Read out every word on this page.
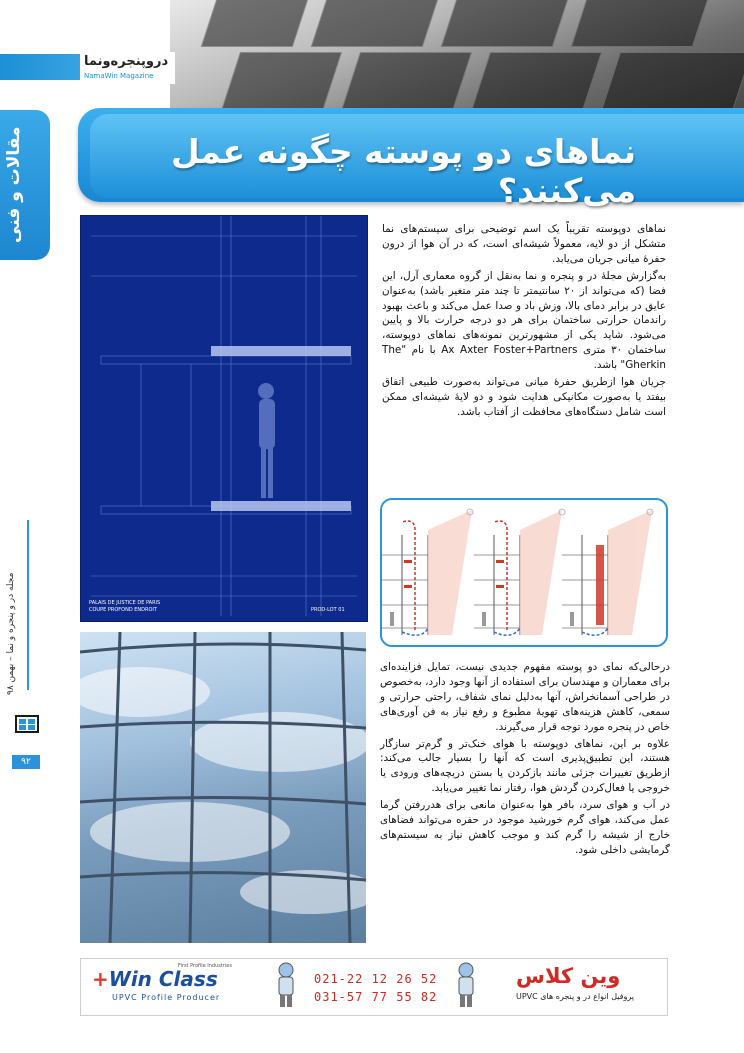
دروپنجره‌ونما
NamaWin Magazine
مقالات و فنی
مجله در و پنجره و نما – بهمن ۹۸
۹۲
نماهای دو پوسته چگونه عمل می‌کنند؟
PALAIS DE JUSTICE DE PARIS
COUPE PROFOND ENDROIT	PROD-LOT 01

نماهای دوپوسته تقریباً یک اسم توضیحی برای سیستم‌های نما متشکل از دو لایه، معمولاً شیشه‌ای است، که در آن هوا از درون حفرهٔ میانی جریان می‌یابد.

به‌گزارش مجلهٔ در و پنجره و نما به‌نقل از گروه معماری آرل، این فضا (که می‌تواند از ۲۰ سانتیمتر تا چند متر متغیر باشد) به‌عنوان عایق در برابر دمای بالا، وزش باد و صدا عمل می‌کند و باعث بهبود راندمان حرارتی ساختمان برای هر دو درجه حرارت بالا و پایین می‌شود. شاید یکی از مشهورترین نمونه‌های نماهای دوپوسته، ساختمان ۳۰ متری Ax Axter Foster+Partners با نام "The Gherkin" باشد.

جریان هوا ازطریق حفرهٔ میانی می‌تواند به‌صورت طبیعی اتفاق بیفتد یا به‌صورت مکانیکی هدایت شود و دو لایهٔ شیشه‌ای ممکن است شامل دستگاه‌های محافظت از آفتاب باشد.

درحالی‌که نمای دو پوسته مفهوم جدیدی نیست، تمایل فزاینده‌ای برای معماران و مهندسان برای استفاده از آنها وجود دارد، به‌خصوص در طراحی آسمانخراش، آنها به‌دلیل نمای شفاف، راحتی حرارتی و سمعی، کاهش هزینه‌های تهویهٔ مطبوع و رفع نیاز به فن آوری‌های خاص در پنجره مورد توجه قرار می‌گیرند.

علاوه بر این، نماهای دوپوسته با هوای خنک‌تر و گرم‌تر سازگار هستند، این تطبیق‌پذیری است که آنها را بسیار جالب می‌کند: ازطریق تغییرات جزئی مانند بازکردن یا بستن دریچه‌های ورودی یا خروجی یا فعال‌کردن گردش هوا، رفتار نما تغییر می‌یابد.

در آب و هوای سرد، بافر هوا به‌عنوان مانعی برای هدررفتن گرما عمل می‌کند، هوای گرم خورشید موجود در حفره می‌تواند فضاهای خارج از شیشه را گرم کند و موجب کاهش نیاز به سیستم‌های گرمایشی داخلی شود.

+Win Class
First Profile Industries
UPVC Profile Producer
021-22 12 26 52
031-57 77 55 82
وین کلاس
پروفیل انواع در و پنجره های UPVC
